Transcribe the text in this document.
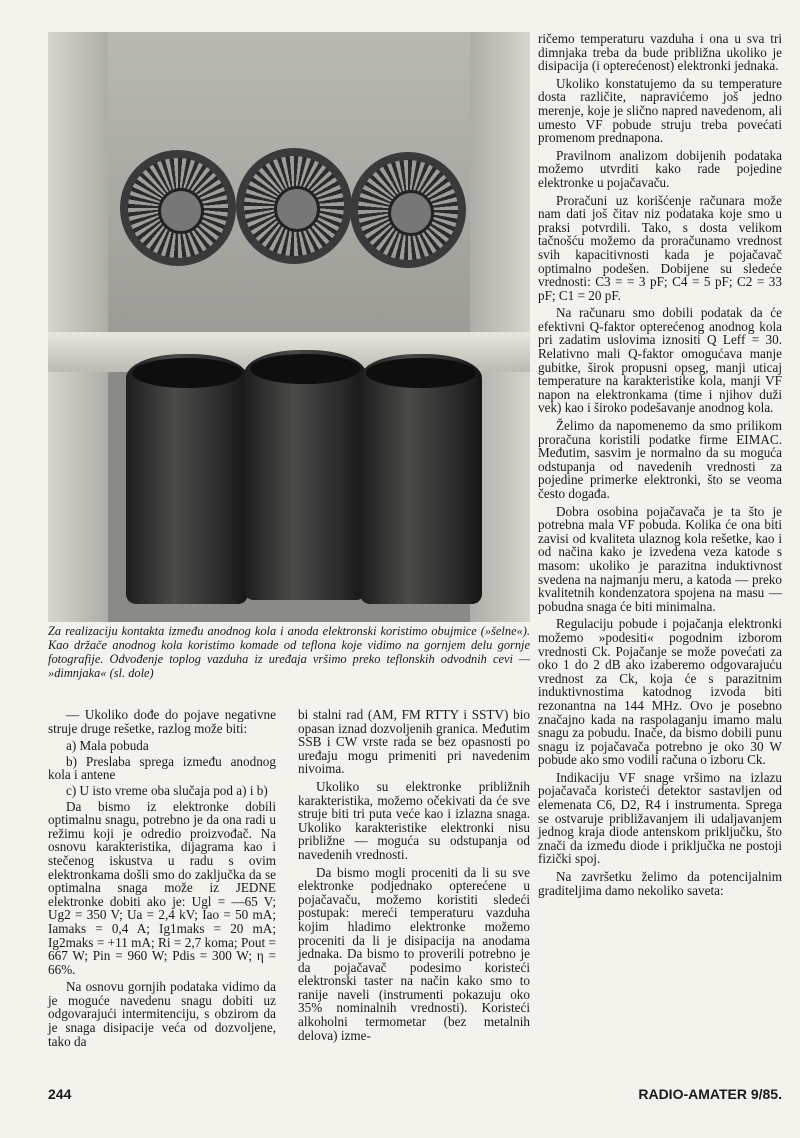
Za realizaciju kontakta između anodnog kola i anoda elektronski koristimo obujmice (»šelne«). Kao držače anodnog kola koristimo komade od teflona koje vidimo na gornjem delu gornje fotografije. Odvođenje toplog vazduha iz uređaja vršimo preko teflonskih odvodnih cevi — »dimnjaka« (sl. dole)

— Ukoliko dođe do pojave negativne struje druge rešetke, razlog može biti:

a) Mala pobuda

b) Preslaba sprega između anodnog kola i antene

c) U isto vreme oba slučaja pod a) i b)

Da bismo iz elektronke dobili optimalnu snagu, potrebno je da ona radi u režimu koji je odredio proizvođač. Na osnovu karakteristika, dijagrama kao i stečenog iskustva u radu s ovim elektronkama došli smo do zaključka da se optimalna snaga može iz JEDNE elektronke dobiti ako je: Ugl = —65 V; Ug2 = 350 V; Ua = 2,4 kV; Iao = 50 mA; Iamaks = 0,4 A; Ig1maks = 20 mA; Ig2maks = +11 mA; Ri = 2,7 koma; Pout = 667 W; Pin = 960 W; Pdis = 300 W; η = 66%.

Na osnovu gornjih podataka vidimo da je moguće navedenu snagu dobiti uz odgovarajući intermitenciju, s obzirom da je snaga disipacije veća od dozvoljene, tako da

bi stalni rad (AM, FM RTTY i SSTV) bio opasan iznad dozvoljenih granica. Međutim SSB i CW vrste rada se bez opasnosti po uređaju mogu primeniti pri navedenim nivoima.

Ukoliko su elektronke približnih karakteristika, možemo očekivati da će sve struje biti tri puta veće kao i izlazna snaga. Ukoliko karakteristike elektronki nisu približne — moguća su odstupanja od navedenih vrednosti.

Da bismo mogli proceniti da li su sve elektronke podjednako opterećene u pojačavaču, možemo koristiti sledeći postupak: mereći temperaturu vazduha kojim hladimo elektronke možemo proceniti da li je disipacija na anodama jednaka. Da bismo to proverili potrebno je da pojačavač podesimo koristeći elektronski taster na način kako smo to ranije naveli (instrumenti pokazuju oko 35% nominalnih vrednosti). Koristeći alkoholni termometar (bez metalnih delova) izme-

ričemo temperaturu vazduha i ona u sva tri dimnjaka treba da bude približna ukoliko je disipacija (i opterećenost) elektronki jednaka.

Ukoliko konstatujemo da su temperature dosta različite, napravićemo još jedno merenje, koje je slično napred navedenom, ali umesto VF pobude struju treba povećati promenom prednapona.

Pravilnom analizom dobijenih podataka možemo utvrditi kako rade pojedine elektronke u pojačavaču.

Proračuni uz korišćenje računara može nam dati još čitav niz podataka koje smo u praksi potvrdili. Tako, s dosta velikom tačnošću možemo da proračunamo vrednost svih kapacitivnosti kada je pojačavač optimalno podešen. Dobijene su sledeće vrednosti: C3 = = 3 pF; C4 = 5 pF; C2 = 33 pF; C1 = 20 pF.

Na računaru smo dobili podatak da će efektivni Q-faktor opterećenog anodnog kola pri zadatim uslovima iznositi Q Leff = 30. Relativno mali Q-faktor omogućava manje gubitke, širok propusni opseg, manji uticaj temperature na karakteristike kola, manji VF napon na elektronkama (time i njihov duži vek) kao i široko podešavanje anodnog kola.

Želimo da napomenemo da smo prilikom proračuna koristili podatke firme EIMAC. Međutim, sasvim je normalno da su moguća odstupanja od navedenih vrednosti za pojedine primerke elektronki, što se veoma često događa.

Dobra osobina pojačavača je ta što je potrebna mala VF pobuda. Kolika će ona biti zavisi od kvaliteta ulaznog kola rešetke, kao i od načina kako je izvedena veza katode s masom: ukoliko je parazitna induktivnost svedena na najmanju meru, a katoda — preko kvalitetnih kondenzatora spojena na masu — pobudna snaga će biti minimalna.

Regulaciju pobude i pojačanja elektronki možemo »podesiti« pogodnim izborom vrednosti Ck. Pojačanje se može povećati za oko 1 do 2 dB ako izaberemo odgovarajuću vrednost za Ck, koja će s parazitnim induktivnostima katodnog izvoda biti rezonantna na 144 MHz. Ovo je posebno značajno kada na raspolaganju imamo malu snagu za pobudu. Inače, da bismo dobili punu snagu iz pojačavača potrebno je oko 30 W pobude ako smo vodili računa o izboru Ck.

Indikaciju VF snage vršimo na izlazu pojačavača koristeći detektor sastavljen od elemenata C6, D2, R4 i instrumenta. Sprega se ostvaruje približavanjem ili udaljavanjem jednog kraja diode antenskom priključku, što znači da između diode i priključka ne postoji fizički spoj.

Na završetku želimo da potencijalnim graditeljima damo nekoliko saveta:

244	RADIO-AMATER 9/85.
